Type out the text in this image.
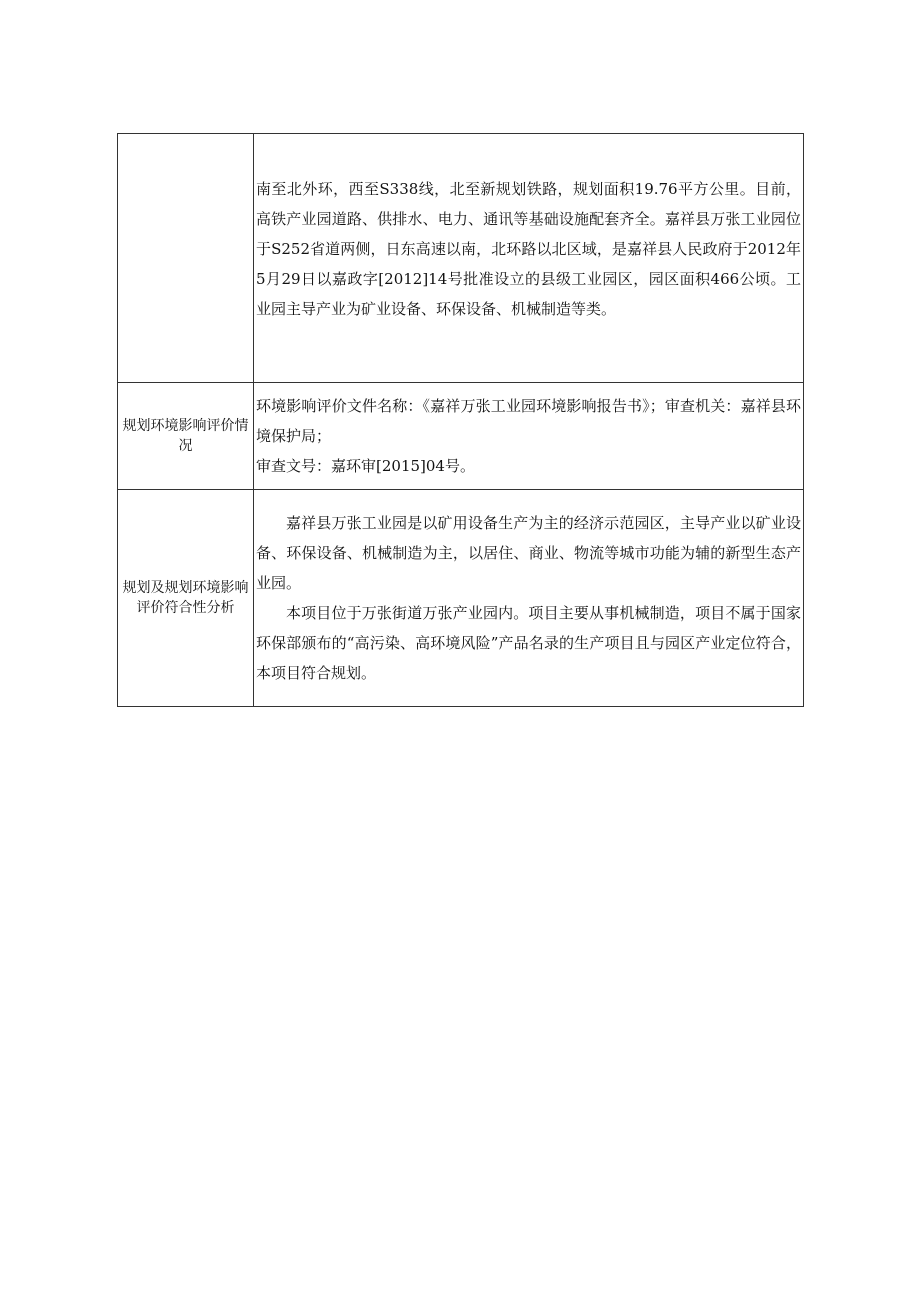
	南至北外环，西至S338线，北至新规划铁路，规划面积19.76平方公里。目前，高铁产业园道路、供排水、电力、通讯等基础设施配套齐全。嘉祥县万张工业园位于S252省道两侧，日东高速以南，北环路以北区域，是嘉祥县人民政府于2012年5月29日以嘉政字[2012]14号批准设立的县级工业园区，园区面积466公顷。工业园主导产业为矿业设备、环保设备、机械制造等类。

规划环境影响评价情况	环境影响评价文件名称：《嘉祥万张工业园环境影响报告书》；审查机关：嘉祥县环境保护局；
审查文号：嘉环审[2015]04号。

规划及规划环境影响评价符合性分析	嘉祥县万张工业园是以矿用设备生产为主的经济示范园区，主导产业以矿业设备、环保设备、机械制造为主，以居住、商业、物流等城市功能为辅的新型生态产业园。
本项目位于万张街道万张产业园内。项目主要从事机械制造，项目不属于国家环保部颁布的“高污染、高环境风险”产品名录的生产项目且与园区产业定位符合，本项目符合规划。
